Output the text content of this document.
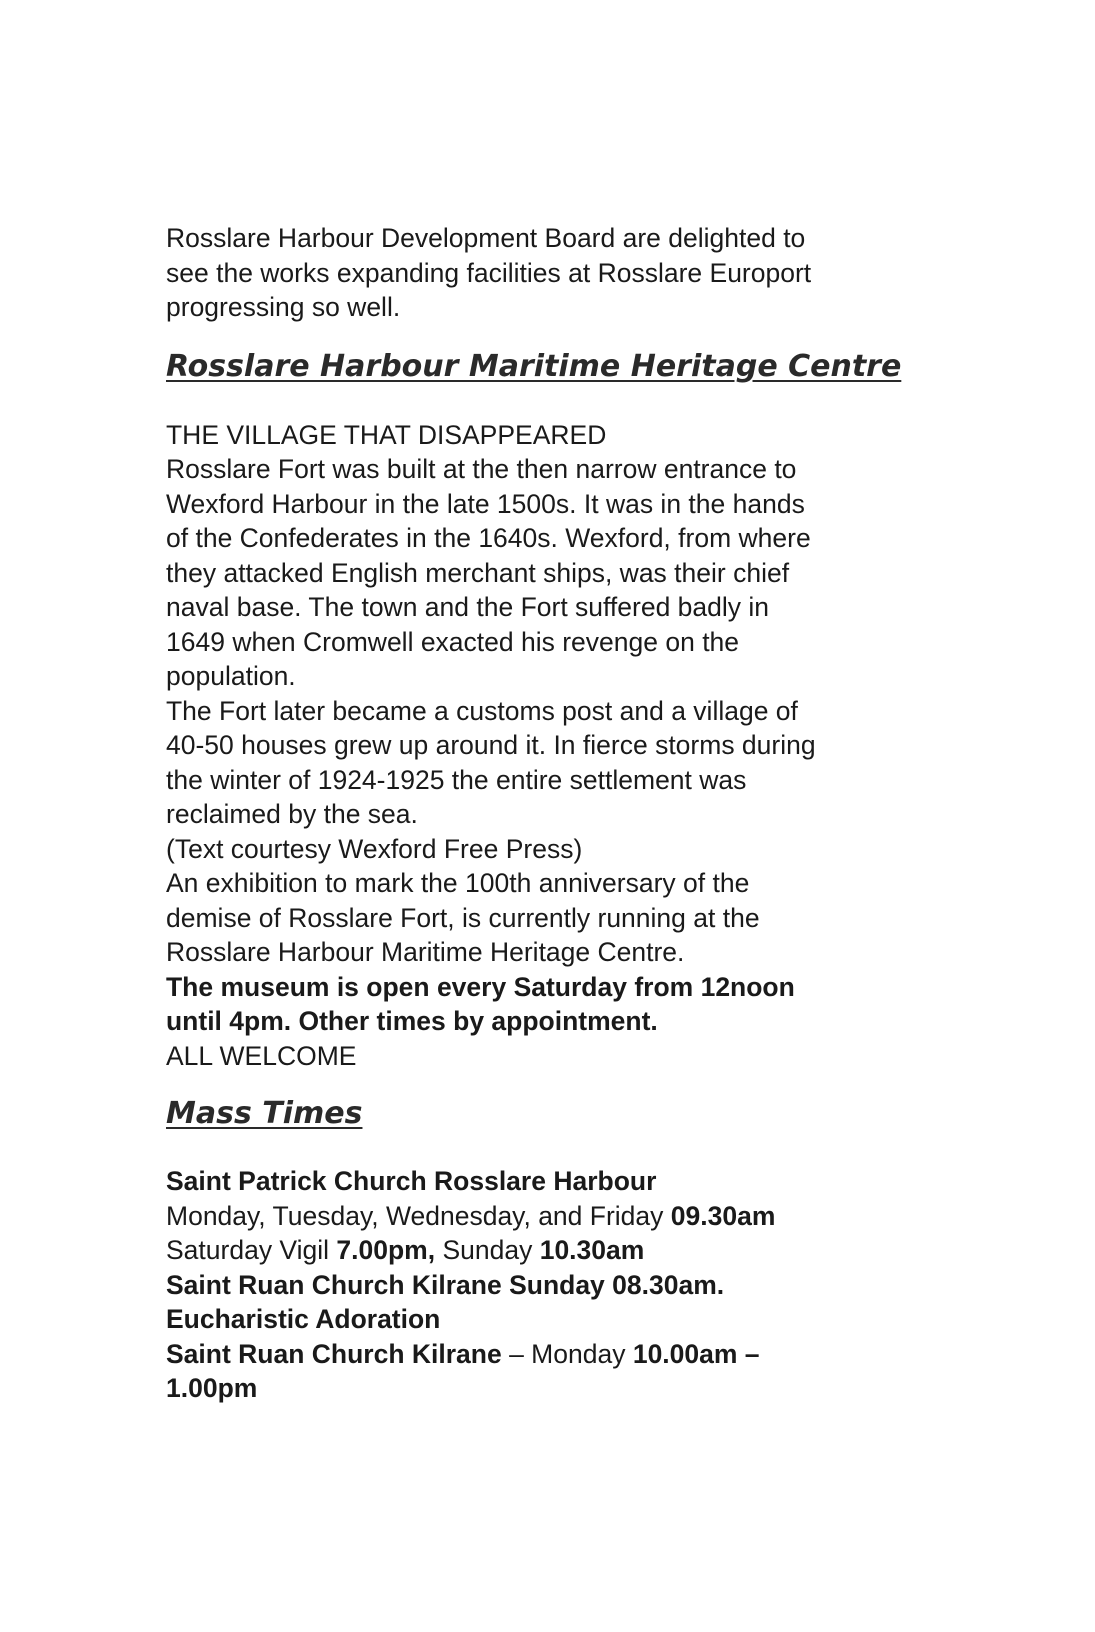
Rosslare Harbour Development Board are delighted to

see the works expanding facilities at Rosslare Europort

progressing so well.

Rosslare Harbour Maritime Heritage Centre

THE VILLAGE THAT DISAPPEARED

Rosslare Fort was built at the then narrow entrance to

Wexford Harbour in the late 1500s. It was in the hands

of the Confederates in the 1640s. Wexford, from where

they attacked English merchant ships, was their chief

naval base. The town and the Fort suffered badly in

1649 when Cromwell exacted his revenge on the

population.

The Fort later became a customs post and a village of

40-50 houses grew up around it. In fierce storms during

the winter of 1924-1925 the entire settlement was

reclaimed by the sea.

(Text courtesy Wexford Free Press)

An exhibition to mark the 100th anniversary of the

demise of Rosslare Fort, is currently running at the

Rosslare Harbour Maritime Heritage Centre.

The museum is open every Saturday from 12noon

until 4pm. Other times by appointment.

ALL WELCOME

Mass Times

Saint Patrick Church Rosslare Harbour

Monday, Tuesday, Wednesday, and Friday 09.30am

Saturday Vigil 7.00pm, Sunday 10.30am

Saint Ruan Church Kilrane Sunday 08.30am.

Eucharistic Adoration

Saint Ruan Church Kilrane – Monday 10.00am –

1.00pm
